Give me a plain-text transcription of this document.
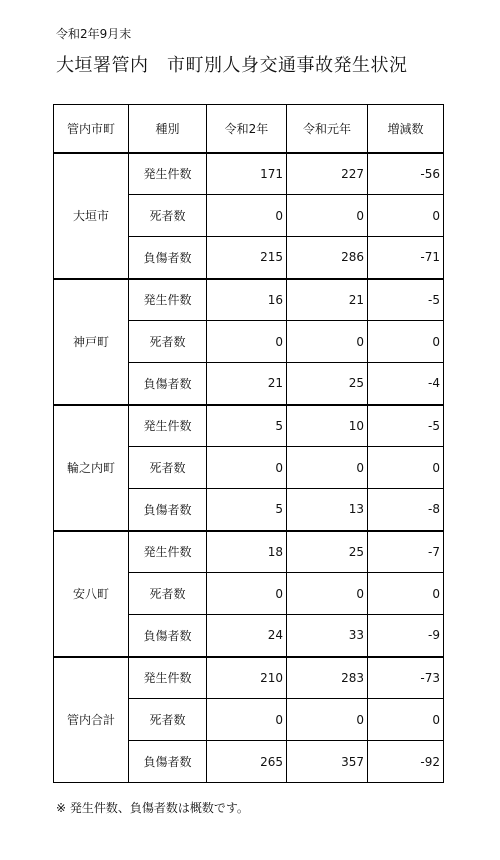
令和2年9月末
大垣署管内　市町別人身交通事故発生状況
管内市町	種別	令和2年	令和元年	増減数
大垣市	発生件数	171	227	-56
	死者数	0	0	0
	負傷者数	215	286	-71
神戸町	発生件数	16	21	-5
	死者数	0	0	0
	負傷者数	21	25	-4
輪之内町	発生件数	5	10	-5
	死者数	0	0	0
	負傷者数	5	13	-8
安八町	発生件数	18	25	-7
	死者数	0	0	0
	負傷者数	24	33	-9
管内合計	発生件数	210	283	-73
	死者数	0	0	0
	負傷者数	265	357	-92
※ 発生件数、負傷者数は概数です。
